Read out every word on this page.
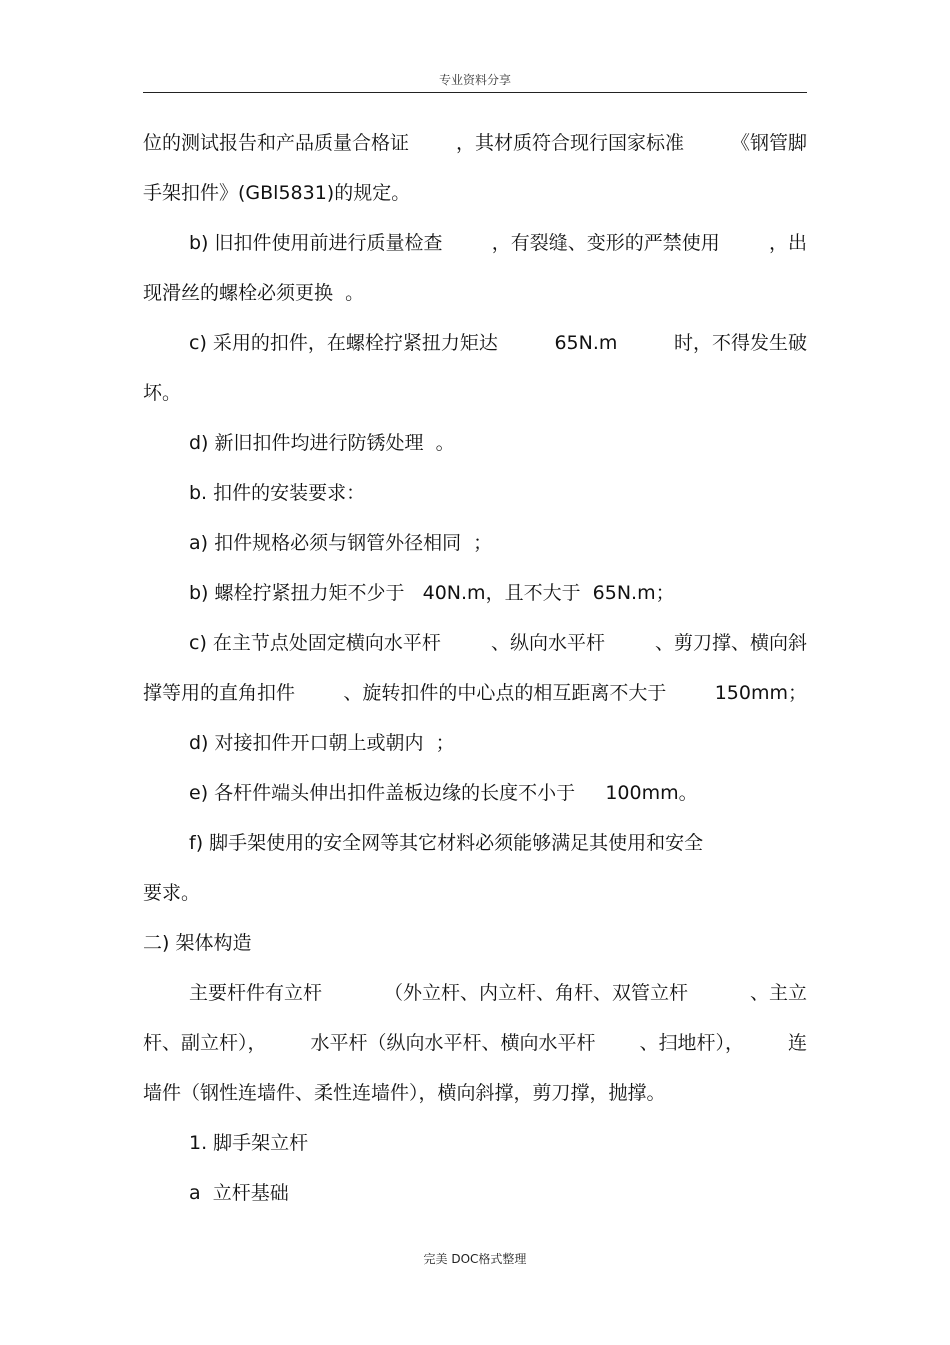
专业资料分享
位的测试报告和产品质量合格证 ，其材质符合现行国家标准 《钢管脚
手架扣件》(GBl5831)的规定。
b) 旧扣件使用前进行质量检查	，有裂缝、变形的严禁使用	，出
现滑丝的螺栓必须更换  。
c) 采用的扣件，在螺栓拧紧扭力矩达	65N.m	时，不得发生破
坏。
d) 新旧扣件均进行防锈处理  。
b. 扣件的安装要求：
a) 扣件规格必须与钢管外径相同  ；
b) 螺栓拧紧扭力矩不少于   40N.m，且不大于  65N.m；
c) 在主节点处固定横向水平杆	、纵向水平杆	、剪刀撑、横向斜
撑等用的直角扣件	、旋转扣件的中心点的相互距离不大于	150mm；
d) 对接扣件开口朝上或朝内  ；
e) 各杆件端头伸出扣件盖板边缘的长度不小于     100mm。
f) 脚手架使用的安全网等其它材料必须能够满足其使用和安全
要求。
二) 架体构造
主要杆件有立杆	（外立杆、内立杆、角杆、双管立杆	、主立
杆、副立杆）， 水平杆（纵向水平杆、横向水平杆 、扫地杆）， 连
墙件（钢性连墙件、柔性连墙件），横向斜撑，剪刀撑，抛撑。
1. 脚手架立杆
a  立杆基础
完美 DOC格式整理
